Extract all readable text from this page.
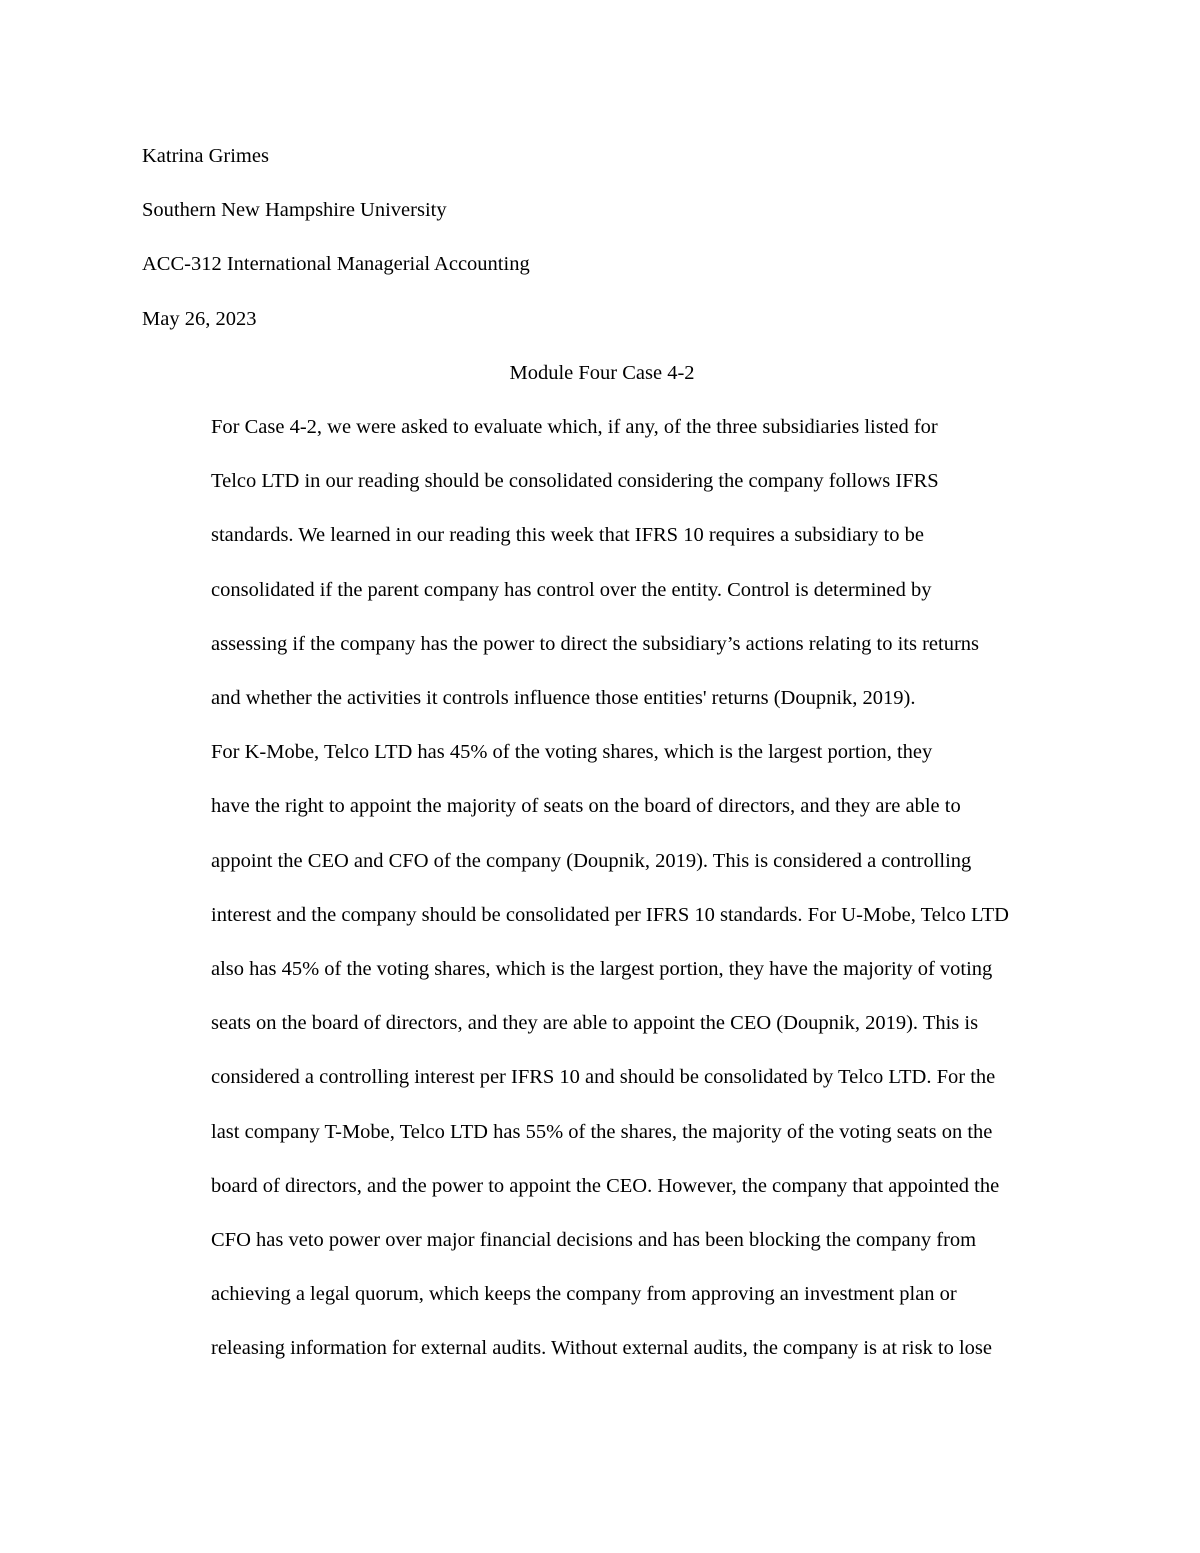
Katrina Grimes

Southern New Hampshire University

ACC-312 International Managerial Accounting

May 26, 2023

Module Four Case 4-2

For Case 4-2, we were asked to evaluate which, if any, of the three subsidiaries listed for
Telco LTD in our reading should be consolidated considering the company follows IFRS
standards. We learned in our reading this week that IFRS 10 requires a subsidiary to be
consolidated if the parent company has control over the entity. Control is determined by
assessing if the company has the power to direct the subsidiary’s actions relating to its returns
and whether the activities it controls influence those entities' returns (Doupnik, 2019).

For K-Mobe, Telco LTD has 45% of the voting shares, which is the largest portion, they
have the right to appoint the majority of seats on the board of directors, and they are able to
appoint the CEO and CFO of the company (Doupnik, 2019). This is considered a controlling
interest and the company should be consolidated per IFRS 10 standards. For U-Mobe, Telco LTD
also has 45% of the voting shares, which is the largest portion, they have the majority of voting
seats on the board of directors, and they are able to appoint the CEO (Doupnik, 2019). This is
considered a controlling interest per IFRS 10 and should be consolidated by Telco LTD. For the
last company T-Mobe, Telco LTD has 55% of the shares, the majority of the voting seats on the
board of directors, and the power to appoint the CEO. However, the company that appointed the
CFO has veto power over major financial decisions and has been blocking the company from
achieving a legal quorum, which keeps the company from approving an investment plan or
releasing information for external audits. Without external audits, the company is at risk to lose
